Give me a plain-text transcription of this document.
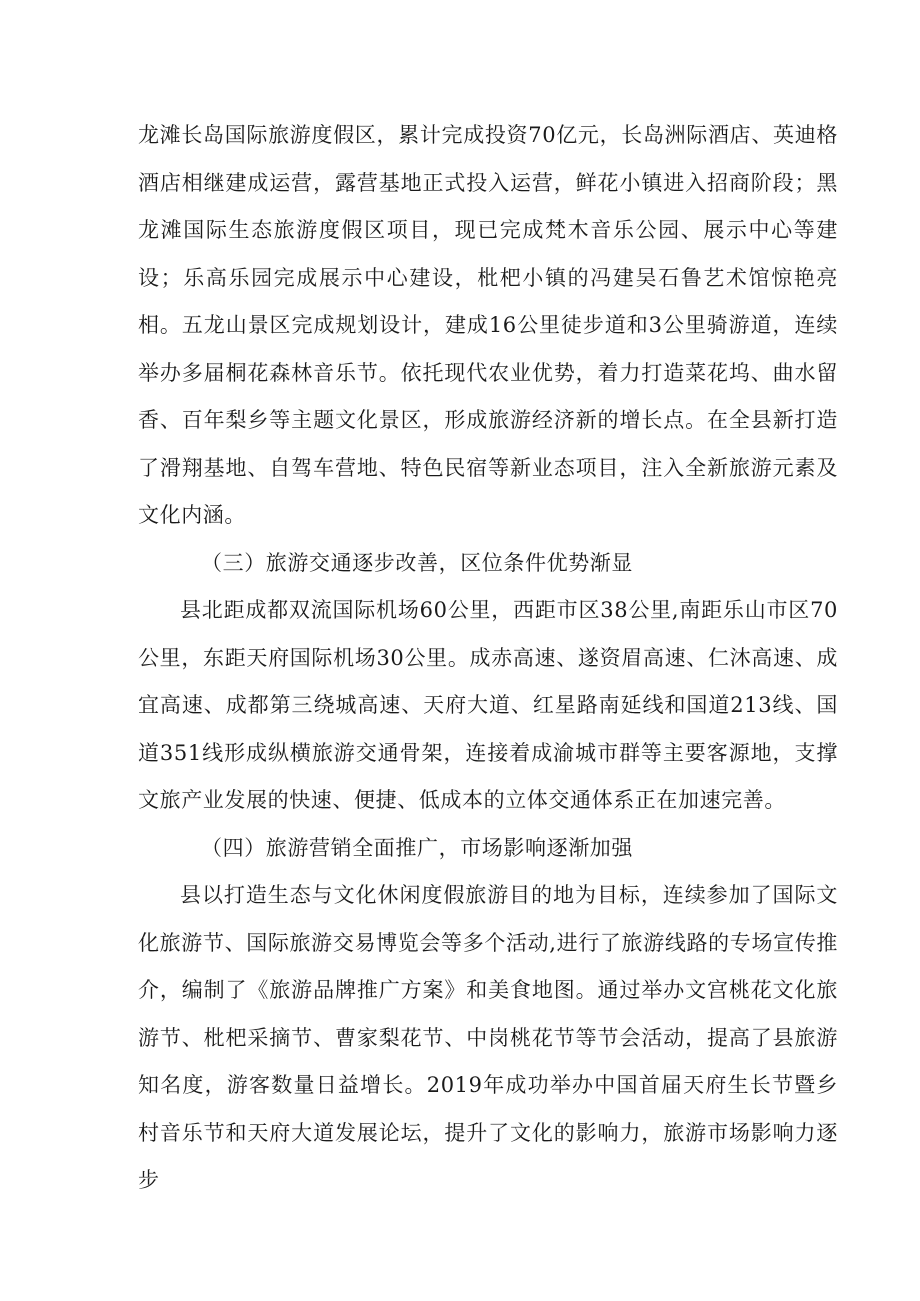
龙滩长岛国际旅游度假区，累计完成投资70亿元，长岛洲际酒店、英迪格酒店相继建成运营，露营基地正式投入运营，鲜花小镇进入招商阶段；黑龙滩国际生态旅游度假区项目，现已完成梵木音乐公园、展示中心等建设；乐高乐园完成展示中心建设，枇杷小镇的冯建吴石鲁艺术馆惊艳亮相。五龙山景区完成规划设计，建成16公里徒步道和3公里骑游道，连续举办多届桐花森林音乐节。依托现代农业优势，着力打造菜花坞、曲水留香、百年梨乡等主题文化景区，形成旅游经济新的增长点。在全县新打造了滑翔基地、自驾车营地、特色民宿等新业态项目，注入全新旅游元素及文化内涵。

（三）旅游交通逐步改善，区位条件优势渐显

县北距成都双流国际机场60公里，西距市区38公里,南距乐山市区70公里，东距天府国际机场30公里。成赤高速、遂资眉高速、仁沐高速、成宜高速、成都第三绕城高速、天府大道、红星路南延线和国道213线、国道351线形成纵横旅游交通骨架，连接着成渝城市群等主要客源地，支撑文旅产业发展的快速、便捷、低成本的立体交通体系正在加速完善。

（四）旅游营销全面推广，市场影响逐渐加强

县以打造生态与文化休闲度假旅游目的地为目标，连续参加了国际文化旅游节、国际旅游交易博览会等多个活动,进行了旅游线路的专场宣传推介，编制了《旅游品牌推广方案》和美食地图。通过举办文宫桃花文化旅游节、枇杷采摘节、曹家梨花节、中岗桃花节等节会活动，提高了县旅游知名度，游客数量日益增长。2019年成功举办中国首届天府生长节暨乡村音乐节和天府大道发展论坛，提升了文化的影响力，旅游市场影响力逐步
